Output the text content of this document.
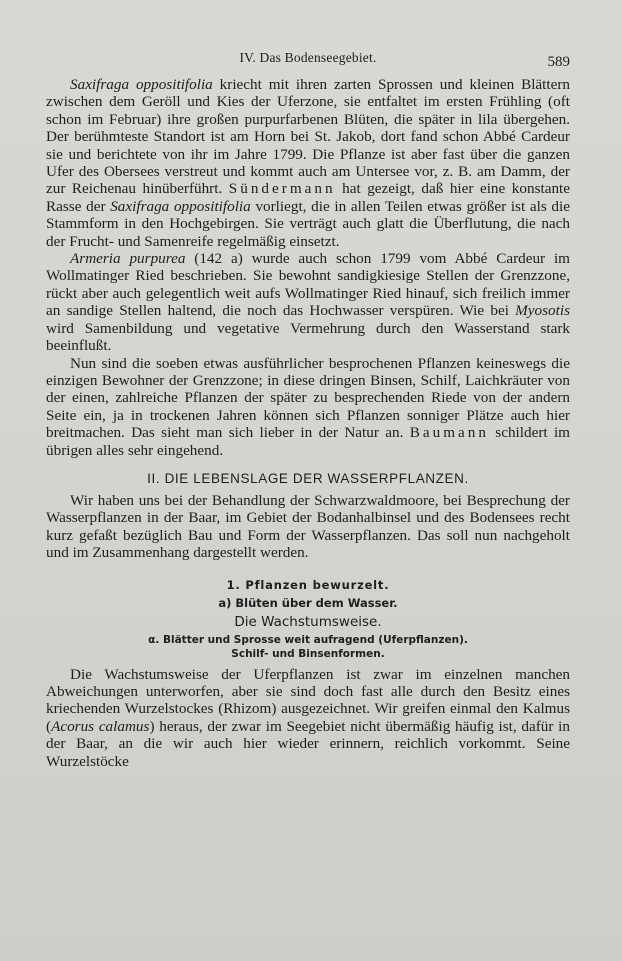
IV. Das Bodenseegebiet.	589

Saxifraga oppositifolia kriecht mit ihren zarten Sprossen und kleinen Blättern zwischen dem Geröll und Kies der Uferzone, sie entfaltet im ersten Frühling (oft schon im Februar) ihre großen purpurfarbenen Blüten, die später in lila übergehen. Der berühmteste Standort ist am Horn bei St. Jakob, dort fand schon Abbé Cardeur sie und berichtete von ihr im Jahre 1799. Die Pflanze ist aber fast über die ganzen Ufer des Obersees verstreut und kommt auch am Untersee vor, z. B. am Damm, der zur Reichenau hinüberführt. Sündermann hat gezeigt, daß hier eine konstante Rasse der Saxifraga oppositifolia vorliegt, die in allen Teilen etwas größer ist als die Stammform in den Hochgebirgen. Sie verträgt auch glatt die Überflutung, die nach der Frucht- und Samenreife regelmäßig einsetzt.

Armeria purpurea (142 a) wurde auch schon 1799 vom Abbé Cardeur im Wollmatinger Ried beschrieben. Sie bewohnt sandigkiesige Stellen der Grenzzone, rückt aber auch gelegentlich weit aufs Wollmatinger Ried hinauf, sich freilich immer an sandige Stellen haltend, die noch das Hochwasser verspüren. Wie bei Myosotis wird Samenbildung und vegetative Vermehrung durch den Wasserstand stark beeinflußt.

Nun sind die soeben etwas ausführlicher besprochenen Pflanzen keineswegs die einzigen Bewohner der Grenzzone; in diese dringen Binsen, Schilf, Laichkräuter von der einen, zahlreiche Pflanzen der später zu besprechenden Riede von der andern Seite ein, ja in trockenen Jahren können sich Pflanzen sonniger Plätze auch hier breitmachen. Das sieht man sich lieber in der Natur an. Baumann schildert im übrigen alles sehr eingehend.

II. DIE LEBENSLAGE DER WASSERPFLANZEN.

Wir haben uns bei der Behandlung der Schwarzwaldmoore, bei Besprechung der Wasserpflanzen in der Baar, im Gebiet der Bodanhalbinsel und des Bodensees recht kurz gefaßt bezüglich Bau und Form der Wasserpflanzen. Das soll nun nachgeholt und im Zusammenhang dargestellt werden.

1. Pflanzen bewurzelt.
a) Blüten über dem Wasser.
Die Wachstumsweise.
α. Blätter und Sprosse weit aufragend (Uferpflanzen).
Schilf- und Binsenformen.

Die Wachstumsweise der Uferpflanzen ist zwar im einzelnen manchen Abweichungen unterworfen, aber sie sind doch fast alle durch den Besitz eines kriechenden Wurzelstockes (Rhizom) ausgezeichnet. Wir greifen einmal den Kalmus (Acorus calamus) heraus, der zwar im Seegebiet nicht übermäßig häufig ist, dafür in der Baar, an die wir auch hier wieder erinnern, reichlich vorkommt. Seine Wurzelstöcke
